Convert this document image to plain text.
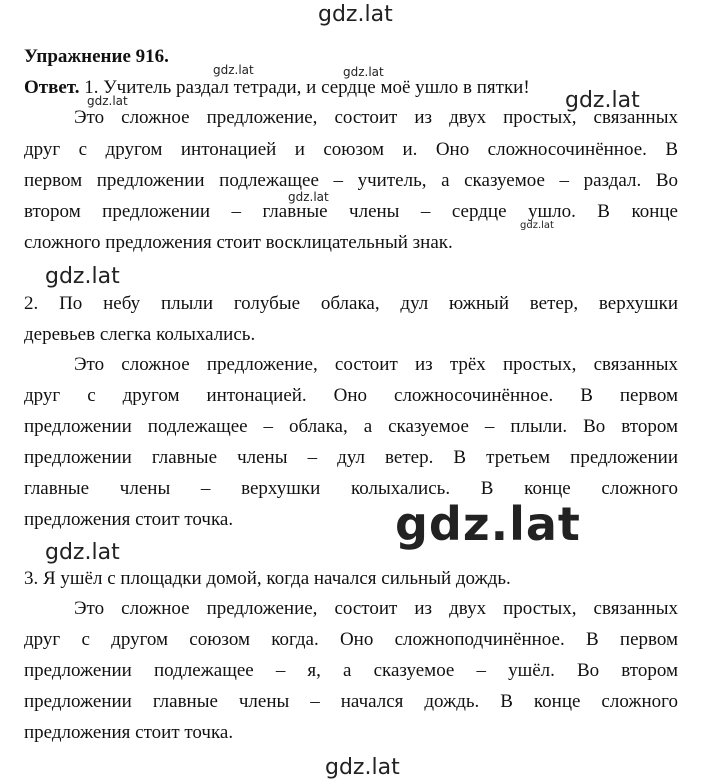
gdz.lat
gdz.lat	gdz.lat
gdz.lat	gdz.lat
gdz.lat
gdz.lat
gdz.lat
gdz.lat
gdz.lat
gdz.lat
Упражнение 916.
Ответ. 1. Учитель раздал тетради, и сердце моё ушло в пятки!
Это сложное предложение, состоит из двух простых, связанных
друг с другом интонацией и союзом и. Оно сложносочинённое. В
первом предложении подлежащее – учитель, а сказуемое – раздал. Во
втором предложении – главные члены – сердце ушло. В конце
сложного предложения стоит восклицательный знак.
2. По небу плыли голубые облака, дул южный ветер, верхушки
деревьев слегка колыхались.
Это сложное предложение, состоит из трёх простых, связанных
друг с другом интонацией. Оно сложносочинённое. В первом
предложении подлежащее – облака, а сказуемое – плыли. Во втором
предложении главные члены – дул ветер. В третьем предложении
главные члены – верхушки колыхались. В конце сложного
предложения стоит точка.
3. Я ушёл с площадки домой, когда начался сильный дождь.
Это сложное предложение, состоит из двух простых, связанных
друг с другом союзом когда. Оно сложноподчинённое. В первом
предложении подлежащее – я, а сказуемое – ушёл. Во втором
предложении главные члены – начался дождь. В конце сложного
предложения стоит точка.
